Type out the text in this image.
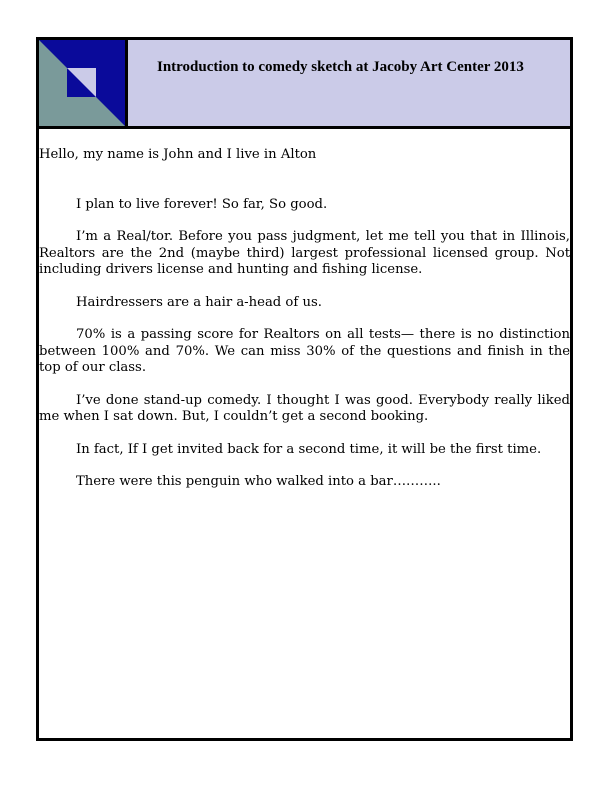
Introduction to comedy sketch at Jacoby Art Center 2013

Hello, my name is John and I live in Alton

I plan to live forever! So far, So good.

I’m a Real/tor. Before you pass judgment, let me tell you that in Illinois, Realtors are the 2nd (maybe third) largest professional licensed group. Not including drivers license and hunting and fishing license.

Hairdressers are a hair a-head of us.

70% is a passing score for Realtors on all tests— there is no distinction between 100% and 70%. We can miss 30% of the questions and finish in the top of our class.

I’ve done stand-up comedy. I thought I was good. Everybody really liked me when I sat down. But, I couldn’t get a second booking.

In fact, If I get invited back for a second time, it will be the first time.

There were this penguin who walked into a bar………..
